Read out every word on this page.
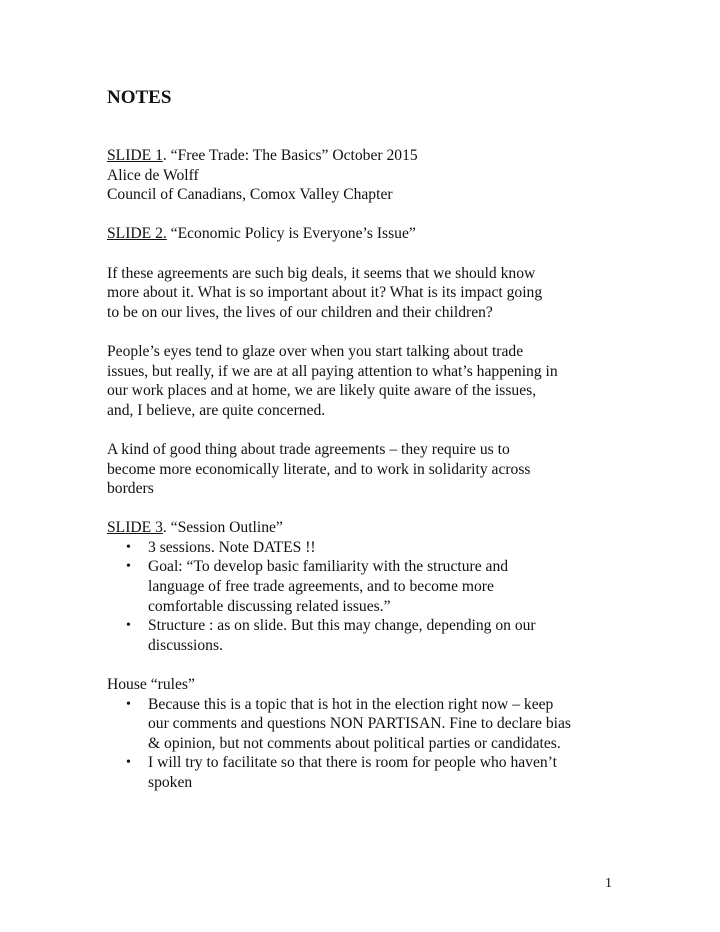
NOTES
SLIDE 1. “Free Trade: The Basics” October 2015
Alice de Wolff
Council of Canadians, Comox Valley Chapter
SLIDE 2. “Economic Policy is Everyone’s Issue”
If these agreements are such big deals, it seems that we should know
more about it. What is so important about it? What is its impact going
to be on our lives, the lives of our children and their children?
People’s eyes tend to glaze over when you start talking about trade
issues, but really, if we are at all paying attention to what’s happening in
our work places and at home, we are likely quite aware of the issues,
and, I believe, are quite concerned.
A kind of good thing about trade agreements – they require us to
become more economically literate, and to work in solidarity across
borders
SLIDE 3. “Session Outline”
• 3 sessions. Note DATES !!
• Goal: “To develop basic familiarity with the structure and
language of free trade agreements, and to become more
comfortable discussing related issues.”
• Structure : as on slide. But this may change, depending on our
discussions.
House “rules”
• Because this is a topic that is hot in the election right now – keep
our comments and questions NON PARTISAN. Fine to declare bias
& opinion, but not comments about political parties or candidates.
• I will try to facilitate so that there is room for people who haven’t
spoken
1
